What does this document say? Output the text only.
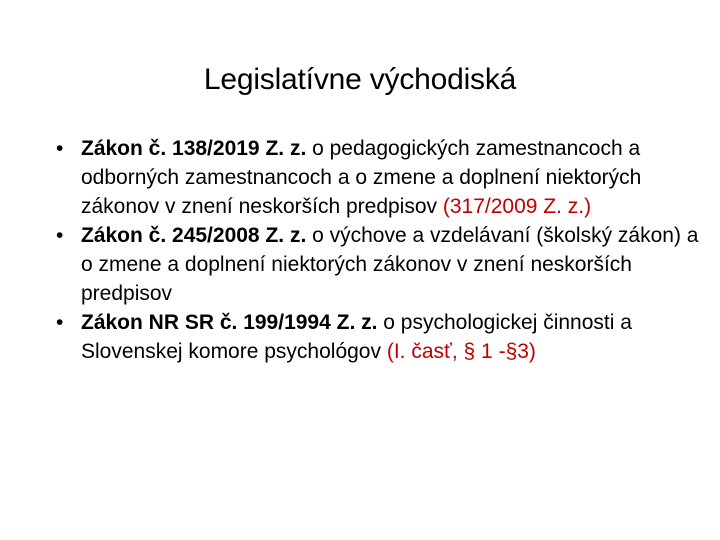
Legislatívne východiská
• Zákon č. 138/2019 Z. z. o pedagogických zamestnancoch a odborných zamestnancoch a o zmene a doplnení niektorých zákonov v znení neskorších predpisov (317/2009 Z. z.)
• Zákon č. 245/2008 Z. z. o výchove a vzdelávaní (školský zákon) a o zmene a doplnení niektorých zákonov v znení neskorších predpisov
• Zákon NR SR č. 199/1994 Z. z. o psychologickej činnosti a Slovenskej komore psychológov (I. časť, § 1 -§3)
